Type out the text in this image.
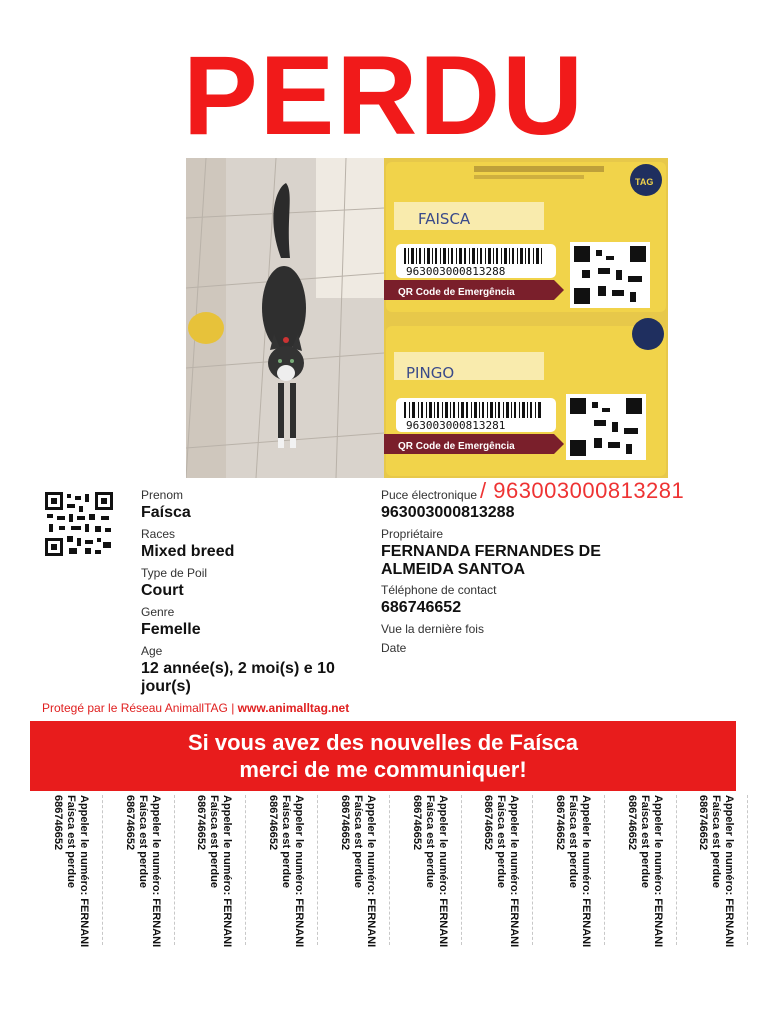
PERDU
TAG
FAISCA
963003000813288
QR Code de Emergência
PINGO
963003000813281
QR Code de Emergência
Prenom
Faísca
Races
Mixed breed
Type de Poil
Court
Genre
Femelle
Age
12 année(s), 2 moi(s) e 10
jour(s)
Puce électronique / 963003000813281
963003000813288
Propriétaire
FERNANDA FERNANDES DE
ALMEIDA SANTOA
Téléphone de contact
686746652
Vue la dernière fois
Date
Protegé par le Réseau AnimallTAG | www.animalltag.net
Si vous avez des nouvelles de Faísca
merci de me communiquer!
Appeler le numéro: FERNANI
Faísca est perdue
686746652	Appeler le numéro: FERNANI
Faísca est perdue
686746652	Appeler le numéro: FERNANI
Faísca est perdue
686746652	Appeler le numéro: FERNANI
Faísca est perdue
686746652	Appeler le numéro: FERNANI
Faísca est perdue
686746652	Appeler le numéro: FERNANI
Faísca est perdue
686746652	Appeler le numéro: FERNANI
Faísca est perdue
686746652	Appeler le numéro: FERNANI
Faísca est perdue
686746652	Appeler le numéro: FERNANI
Faísca est perdue
686746652	Appeler le numéro: FERNANI
Faísca est perdue
686746652
